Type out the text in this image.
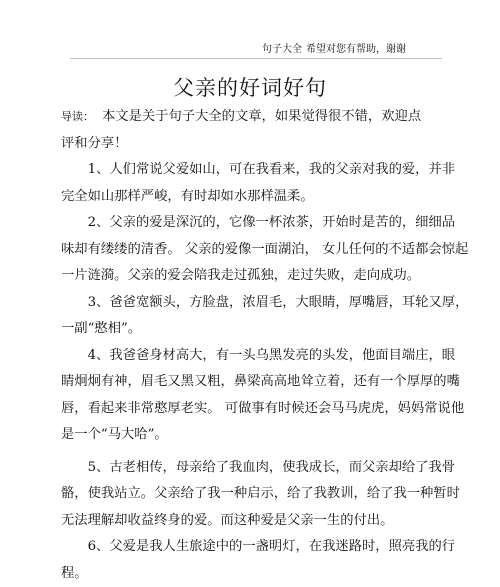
句子大全 希望对您有帮助，谢谢
父亲的好词好句
导读： 本文是关于句子大全的文章，如果觉得很不错，欢迎点
评和分享！
1、人们常说父爱如山，可在我看来，我的父亲对我的爱，并非
完全如山那样严峻，有时却如水那样温柔。
2、父亲的爱是深沉的，它像一杯浓茶，开始时是苦的，细细品
味却有缕缕的清香。 父亲的爱像一面湖泊， 女儿任何的不适都会惊起
一片涟漪。父亲的爱会陪我走过孤独，走过失败，走向成功。
3、爸爸宽额头，方脸盘，浓眉毛，大眼睛，厚嘴唇，耳轮又厚，
一副“憨相”。
4、我爸爸身材高大，有一头乌黑发亮的头发，他面目端庄，眼
睛炯炯有神，眉毛又黑又粗，鼻梁高高地耸立着，还有一个厚厚的嘴
唇，看起来非常憨厚老实。 可做事有时候还会马马虎虎，妈妈常说他
是一个“马大哈”。
5、古老相传，母亲给了我血肉，使我成长，而父亲却给了我骨
骼，使我站立。父亲给了我一种启示，给了我教训，给了我一种暂时
无法理解却收益终身的爱。而这种爱是父亲一生的付出。
6、父爱是我人生旅途中的一盏明灯，在我迷路时，照亮我的行
程。
